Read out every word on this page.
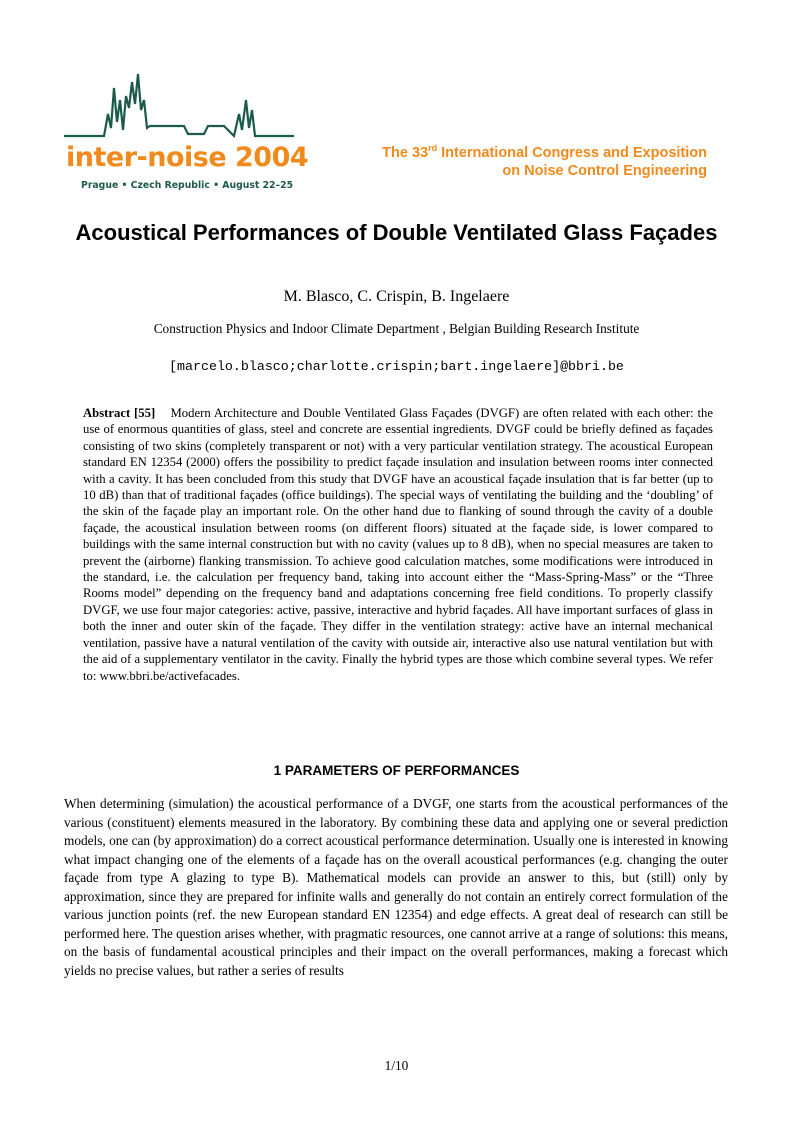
inter-noise 2004
Prague • Czech Republic • August 22–25
The 33rd International Congress and Exposition
on Noise Control Engineering
Acoustical Performances of Double Ventilated Glass Façades
M. Blasco, C. Crispin, B. Ingelaere
Construction Physics and Indoor Climate Department , Belgian Building Research Institute
[marcelo.blasco;charlotte.crispin;bart.ingelaere]@bbri.be
Abstract [55] Modern Architecture and Double Ventilated Glass Façades (DVGF) are often related with each other: the use of enormous quantities of glass, steel and concrete are essential ingredients. DVGF could be briefly defined as façades consisting of two skins (completely transparent or not) with a very particular ventilation strategy. The acoustical European standard EN 12354 (2000) offers the possibility to predict façade insulation and insulation between rooms inter connected with a cavity. It has been concluded from this study that DVGF have an acoustical façade insulation that is far better (up to 10 dB) than that of traditional façades (office buildings). The special ways of ventilating the building and the ‘doubling’ of the skin of the façade play an important role. On the other hand due to flanking of sound through the cavity of a double façade, the acoustical insulation between rooms (on different floors) situated at the façade side, is lower compared to buildings with the same internal construction but with no cavity (values up to 8 dB), when no special measures are taken to prevent the (airborne) flanking transmission. To achieve good calculation matches, some modifications were introduced in the standard, i.e. the calculation per frequency band, taking into account either the “Mass-Spring-Mass” or the “Three Rooms model” depending on the frequency band and adaptations concerning free field conditions. To properly classify DVGF, we use four major categories: active, passive, interactive and hybrid façades. All have important surfaces of glass in both the inner and outer skin of the façade. They differ in the ventilation strategy: active have an internal mechanical ventilation, passive have a natural ventilation of the cavity with outside air, interactive also use natural ventilation but with the aid of a supplementary ventilator in the cavity. Finally the hybrid types are those which combine several types. We refer to: www.bbri.be/activefacades.
1 PARAMETERS OF PERFORMANCES
When determining (simulation) the acoustical performance of a DVGF, one starts from the acoustical performances of the various (constituent) elements measured in the laboratory. By combining these data and applying one or several prediction models, one can (by approximation) do a correct acoustical performance determination. Usually one is interested in knowing what impact changing one of the elements of a façade has on the overall acoustical performances (e.g. changing the outer façade from type A glazing to type B). Mathematical models can provide an answer to this, but (still) only by approximation, since they are prepared for infinite walls and generally do not contain an entirely correct formulation of the various junction points (ref. the new European standard EN 12354) and edge effects. A great deal of research can still be performed here. The question arises whether, with pragmatic resources, one cannot arrive at a range of solutions: this means, on the basis of fundamental acoustical principles and their impact on the overall performances, making a forecast which yields no precise values, but rather a series of results
1/10
